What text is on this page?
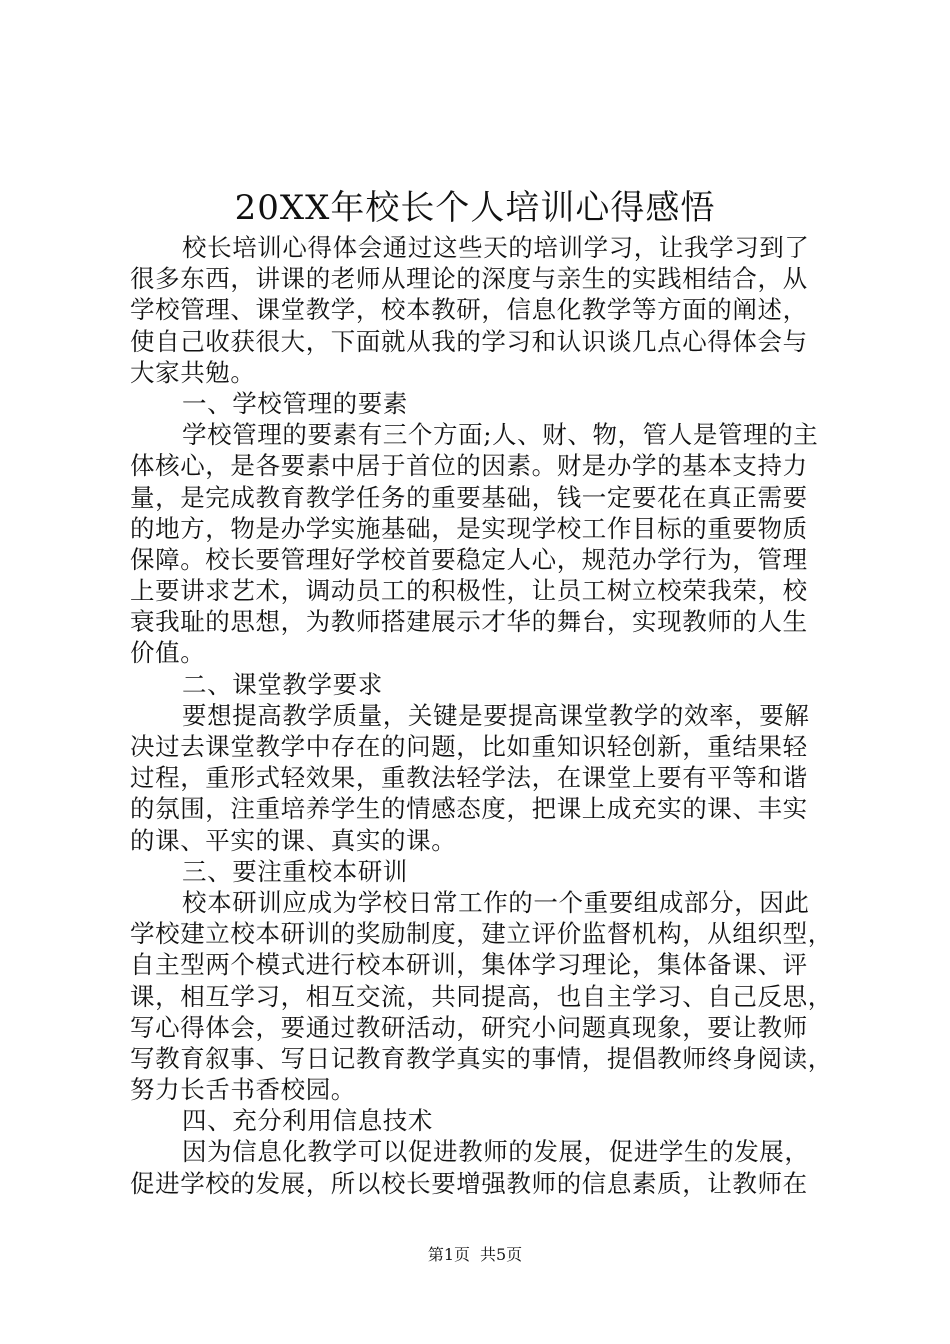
20XX年校长个人培训心得感悟
校长培训心得体会通过这些天的培训学习，让我学习到了
很多东西，讲课的老师从理论的深度与亲生的实践相结合，从
学校管理、课堂教学，校本教研，信息化教学等方面的阐述，
使自己收获很大，下面就从我的学习和认识谈几点心得体会与
大家共勉。
一、学校管理的要素
学校管理的要素有三个方面;人、财、物，管人是管理的主
体核心，是各要素中居于首位的因素。财是办学的基本支持力
量，是完成教育教学任务的重要基础，钱一定要花在真正需要
的地方，物是办学实施基础，是实现学校工作目标的重要物质
保障。校长要管理好学校首要稳定人心，规范办学行为，管理
上要讲求艺术，调动员工的积极性，让员工树立校荣我荣，校
衰我耻的思想，为教师搭建展示才华的舞台，实现教师的人生
价值。
二、课堂教学要求
要想提高教学质量，关键是要提高课堂教学的效率，要解
决过去课堂教学中存在的问题，比如重知识轻创新，重结果轻
过程，重形式轻效果，重教法轻学法，在课堂上要有平等和谐
的氛围，注重培养学生的情感态度，把课上成充实的课、丰实
的课、平实的课、真实的课。
三、要注重校本研训
校本研训应成为学校日常工作的一个重要组成部分，因此
学校建立校本研训的奖励制度，建立评价监督机构，从组织型，
自主型两个模式进行校本研训，集体学习理论，集体备课、评
课，相互学习，相互交流，共同提高，也自主学习、自己反思，
写心得体会，要通过教研活动，研究小问题真现象，要让教师
写教育叙事、写日记教育教学真实的事情，提倡教师终身阅读，
努力长舌书香校园。
四、充分利用信息技术
因为信息化教学可以促进教师的发展，促进学生的发展，
促进学校的发展，所以校长要增强教师的信息素质，让教师在
第1页 共5页
